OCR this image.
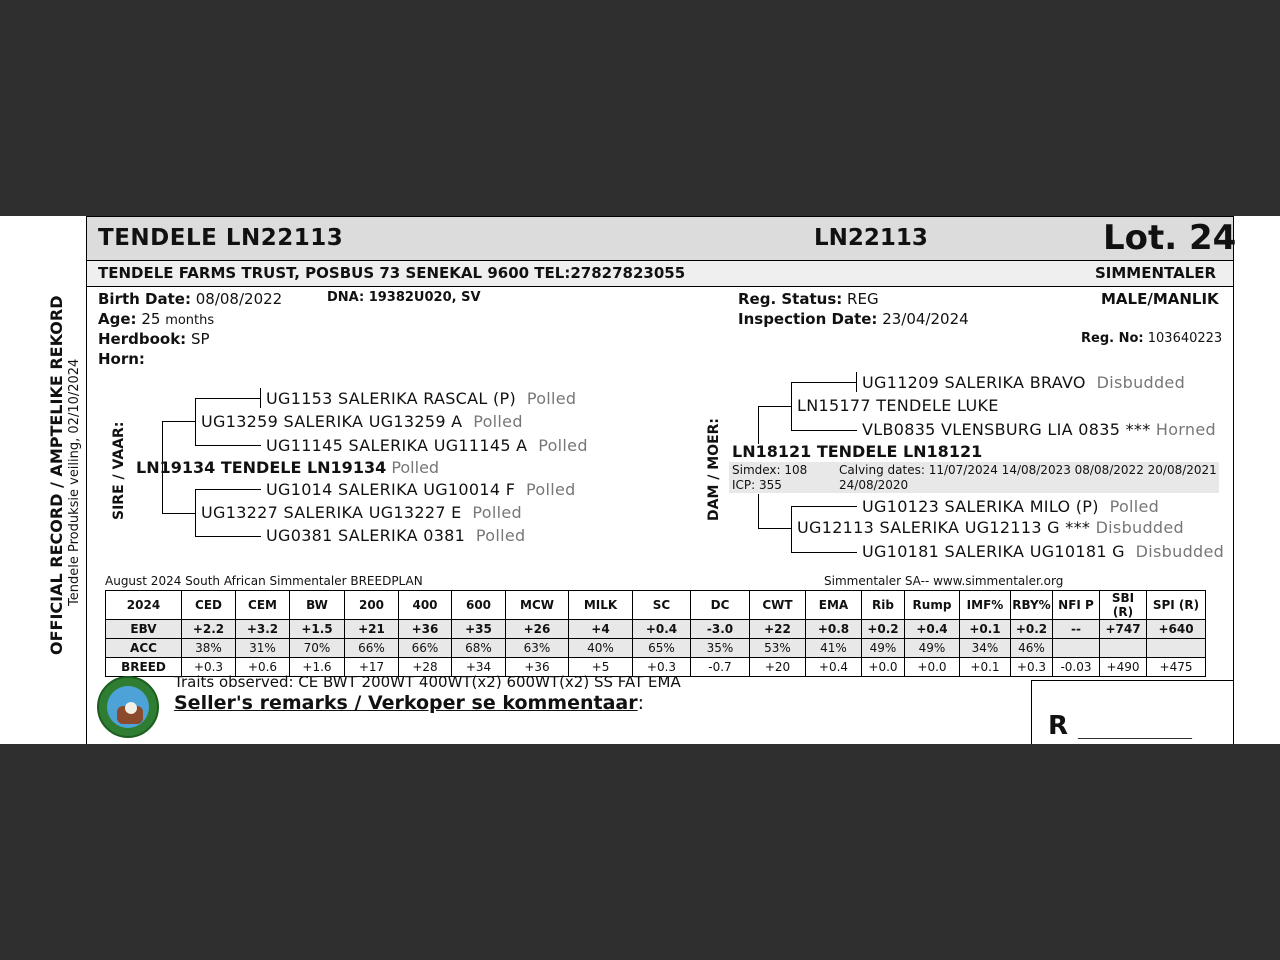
OFFICIAL RECORD / AMPTELIKE REKORD Tendele Produksie veiling, 02/10/2024
TENDELE LN22113	LN22113	Lot. 24
TENDELE FARMS TRUST, POSBUS 73 SENEKAL 9600 TEL:27827823055	SIMMENTALER
Birth Date: 08/08/2022	DNA: 19382U020, SV
Age: 25 months
Herdbook: SP
Horn:
Reg. Status: REG
Inspection Date: 23/04/2024
MALE/MANLIK
Reg. No: 103640223
SIRE / VAAR:
UG1153 SALERIKA RASCAL (P) Polled
UG13259 SALERIKA UG13259 A Polled
UG11145 SALERIKA UG11145 A Polled
LN19134 TENDELE LN19134 Polled
UG1014 SALERIKA UG10014 F Polled
UG13227 SALERIKA UG13227 E Polled
UG0381 SALERIKA 0381 Polled
DAM / MOER:
UG11209 SALERIKA BRAVO Disbudded
LN15177 TENDELE LUKE
VLB0835 VLENSBURG LIA 0835 *** Horned
LN18121 TENDELE LN18121
Simdex: 108
ICP: 355
Calving dates: 11/07/2024 14/08/2023 08/08/2022 20/08/2021
24/08/2020
UG10123 SALERIKA MILO (P) Polled
UG12113 SALERIKA UG12113 G *** Disbudded
UG10181 SALERIKA UG10181 G Disbudded
August 2024 South African Simmentaler BREEDPLAN	Simmentaler SA-- www.simmentaler.org
2024	CED	CEM	BW	200	400	600	MCW	MILK	SC	DC	CWT	EMA	Rib	Rump	IMF%	RBY%	NFI P	SBI (R)	SPI (R)
EBV	+2.2	+3.2	+1.5	+21	+36	+35	+26	+4	+0.4	-3.0	+22	+0.8	+0.2	+0.4	+0.1	+0.2	--	+747	+640
ACC	38%	31%	70%	66%	66%	68%	63%	40%	65%	35%	53%	41%	49%	49%	34%	46%			
BREED	+0.3	+0.6	+1.6	+17	+28	+34	+36	+5	+0.3	-0.7	+20	+0.4	+0.0	+0.0	+0.1	+0.3	-0.03	+490	+475
Traits observed: CE BWT 200WT 400WT(x2) 600WT(x2) SS FAT EMA
Seller's remarks / Verkoper se kommentaar:
R ___________________
